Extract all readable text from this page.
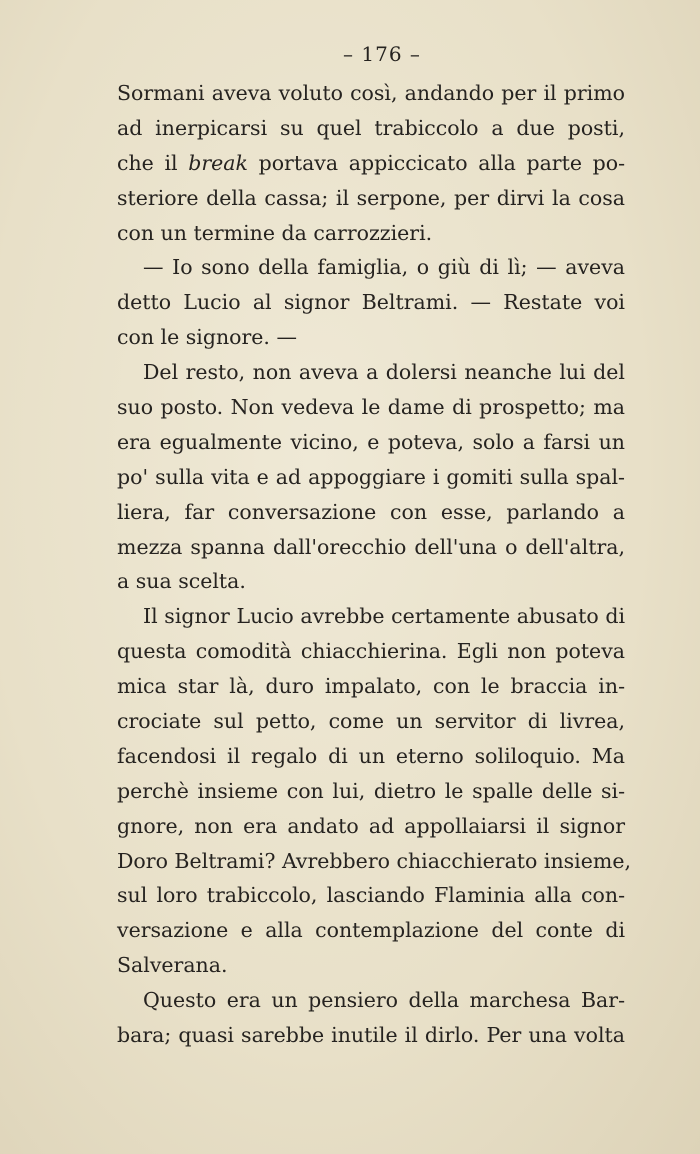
– 176 –
Sormani aveva voluto così, andando per il primo
ad inerpicarsi su quel trabiccolo a due posti,
che il break portava appiccicato alla parte po-
steriore della cassa; il serpone, per dirvi la cosa
con un termine da carrozzieri.
— Io sono della famiglia, o giù di lì; — aveva
detto Lucio al signor Beltrami. — Restate voi
con le signore. —
Del resto, non aveva a dolersi neanche lui del
suo posto. Non vedeva le dame di prospetto; ma
era egualmente vicino, e poteva, solo a farsi un
po' sulla vita e ad appoggiare i gomiti sulla spal-
liera, far conversazione con esse, parlando a
mezza spanna dall'orecchio dell'una o dell'altra,
a sua scelta.
Il signor Lucio avrebbe certamente abusato di
questa comodità chiacchierina. Egli non poteva
mica star là, duro impalato, con le braccia in-
crociate sul petto, come un servitor di livrea,
facendosi il regalo di un eterno soliloquio. Ma
perchè insieme con lui, dietro le spalle delle si-
gnore, non era andato ad appollaiarsi il signor
Doro Beltrami? Avrebbero chiacchierato insieme,
sul loro trabiccolo, lasciando Flaminia alla con-
versazione e alla contemplazione del conte di
Salverana.
Questo era un pensiero della marchesa Bar-
bara; quasi sarebbe inutile il dirlo. Per una volta
